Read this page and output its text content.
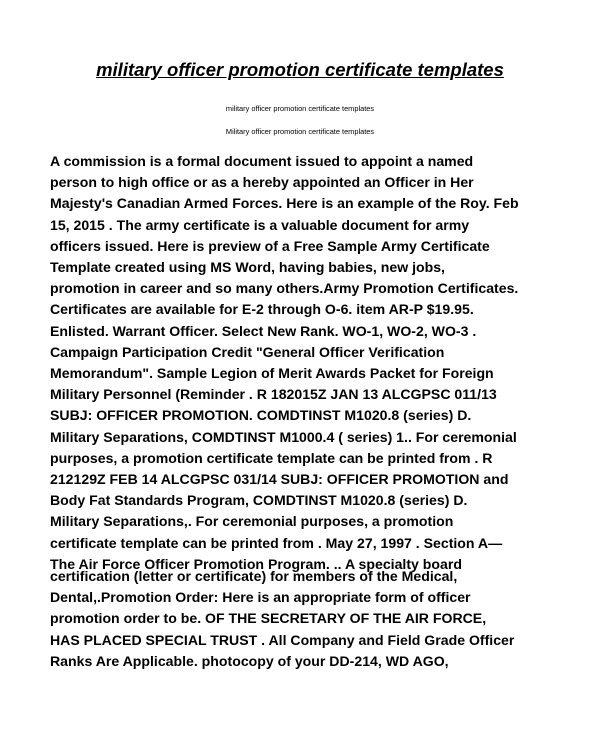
military officer promotion certificate templates
military officer promotion certificate templates
Military officer promotion certificate templates
A commission is a formal document issued to appoint a named
person to high office or as a hereby appointed an Officer in Her
Majesty's Canadian Armed Forces. Here is an example of the Roy. Feb
15, 2015 . The army certificate is a valuable document for army
officers issued. Here is preview of a Free Sample Army Certificate
Template created using MS Word, having babies, new jobs,
promotion in career and so many others.Army Promotion Certificates.
Certificates are available for E-2 through O-6. item AR-P $19.95.
Enlisted. Warrant Officer. Select New Rank. WO-1, WO-2, WO-3 .
Campaign Participation Credit "General Officer Verification
Memorandum". Sample Legion of Merit Awards Packet for Foreign
Military Personnel (Reminder . R 182015Z JAN 13 ALCGPSC 011/13
SUBJ: OFFICER PROMOTION. COMDTINST M1020.8 (series) D.
Military Separations, COMDTINST M1000.4 ( series) 1.. For ceremonial
purposes, a promotion certificate template can be printed from . R
212129Z FEB 14 ALCGPSC 031/14 SUBJ: OFFICER PROMOTION and
Body Fat Standards Program, COMDTINST M1020.8 (series) D.
Military Separations,. For ceremonial purposes, a promotion
certificate template can be printed from . May 27, 1997 . Section A—
The Air Force Officer Promotion Program. .. A specialty board
certification (letter or certificate) for members of the Medical,
Dental,.Promotion Order: Here is an appropriate form of officer
promotion order to be. OF THE SECRETARY OF THE AIR FORCE,
HAS PLACED SPECIAL TRUST . All Company and Field Grade Officer
Ranks Are Applicable. photocopy of your DD-214, WD AGO,
